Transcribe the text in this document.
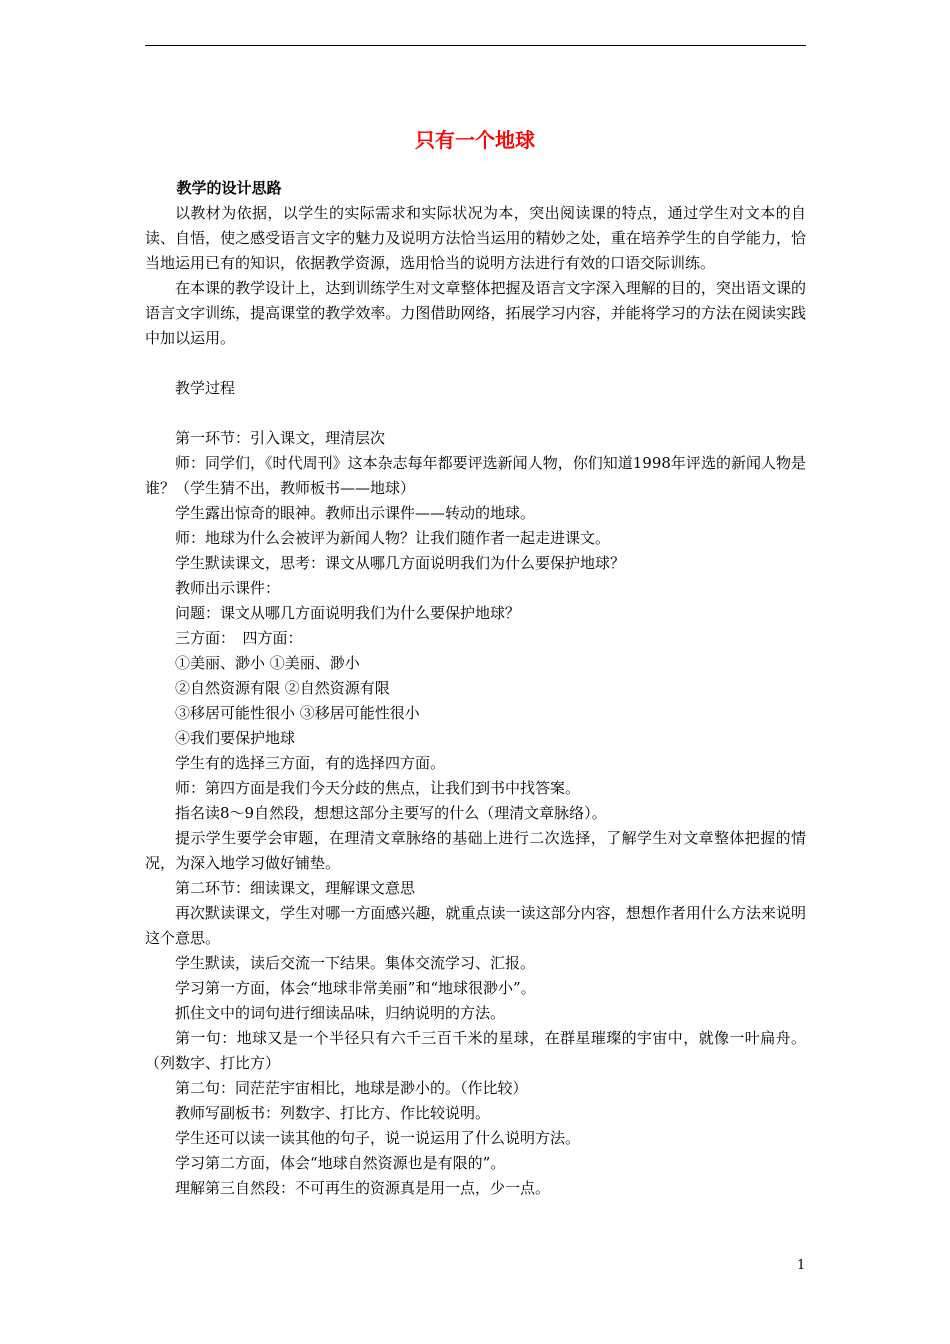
只有一个地球

教学的设计思路

以教材为依据，以学生的实际需求和实际状况为本，突出阅读课的特点，通过学生对文本的自读、自悟，使之感受语言文字的魅力及说明方法恰当运用的精妙之处，重在培养学生的自学能力，恰当地运用已有的知识，依据教学资源，选用恰当的说明方法进行有效的口语交际训练。

在本课的教学设计上，达到训练学生对文章整体把握及语言文字深入理解的目的，突出语文课的语言文字训练，提高课堂的教学效率。力图借助网络，拓展学习内容，并能将学习的方法在阅读实践中加以运用。

教学过程

第一环节：引入课文，理清层次

师：同学们，《时代周刊》这本杂志每年都要评选新闻人物，你们知道1998年评选的新闻人物是谁？（学生猜不出，教师板书——地球）

学生露出惊奇的眼神。教师出示课件——转动的地球。

师：地球为什么会被评为新闻人物？让我们随作者一起走进课文。

学生默读课文，思考：课文从哪几方面说明我们为什么要保护地球？

教师出示课件：

问题：课文从哪几方面说明我们为什么要保护地球？

三方面：　四方面：

①美丽、渺小 ①美丽、渺小

②自然资源有限 ②自然资源有限

③移居可能性很小 ③移居可能性很小

④我们要保护地球

学生有的选择三方面，有的选择四方面。

师：第四方面是我们今天分歧的焦点，让我们到书中找答案。

指名读8～9自然段，想想这部分主要写的什么（理清文章脉络）。

提示学生要学会审题，在理清文章脉络的基础上进行二次选择，了解学生对文章整体把握的情况，为深入地学习做好铺垫。

第二环节：细读课文，理解课文意思

再次默读课文，学生对哪一方面感兴趣，就重点读一读这部分内容，想想作者用什么方法来说明这个意思。

学生默读，读后交流一下结果。集体交流学习、汇报。

学习第一方面，体会“地球非常美丽”和“地球很渺小”。

抓住文中的词句进行细读品味，归纳说明的方法。

第一句：地球又是一个半径只有六千三百千米的星球，在群星璀璨的宇宙中，就像一叶扁舟。（列数字、打比方）

第二句：同茫茫宇宙相比，地球是渺小的。（作比较）

教师写副板书：列数字、打比方、作比较说明。

学生还可以读一读其他的句子，说一说运用了什么说明方法。

学习第二方面，体会“地球自然资源也是有限的”。

理解第三自然段：不可再生的资源真是用一点，少一点。

1
